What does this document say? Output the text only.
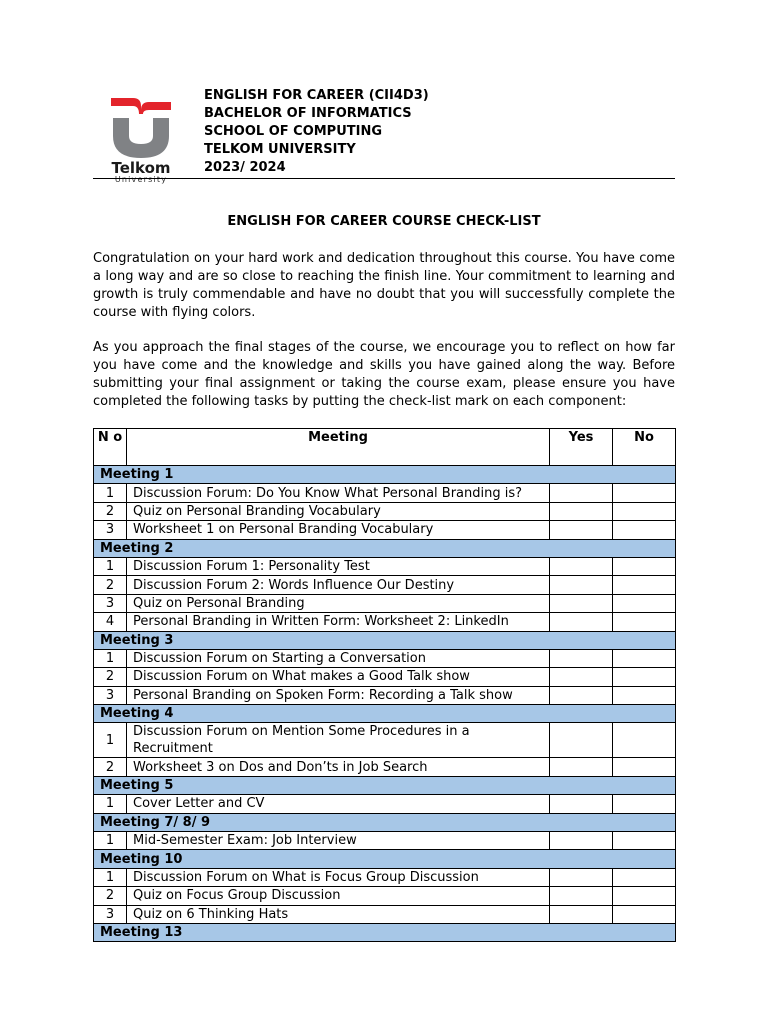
Telkom
University
ENGLISH FOR CAREER (CII4D3)
BACHELOR OF INFORMATICS
SCHOOL OF COMPUTING
TELKOM UNIVERSITY
2023/ 2024
ENGLISH FOR CAREER COURSE CHECK-LIST
Congratulation on your hard work and dedication throughout this course. You have come a long way and are so close to reaching the finish line. Your commitment to learning and growth is truly commendable and have no doubt that you will successfully complete the course with flying colors.
As you approach the final stages of the course, we encourage you to reflect on how far you have come and the knowledge and skills you have gained along the way. Before submitting your final assignment or taking the course exam, please ensure you have completed the following tasks by putting the check-list mark on each component:
N o	Meeting	Yes	No
Meeting 1			
1	Discussion Forum: Do You Know What Personal Branding is?		
2	Quiz on Personal Branding Vocabulary		
3	Worksheet 1 on Personal Branding Vocabulary		
Meeting 2			
1	Discussion Forum 1: Personality Test		
2	Discussion Forum 2: Words Influence Our Destiny		
3	Quiz on Personal Branding		
4	Personal Branding in Written Form: Worksheet 2: LinkedIn		
Meeting 3			
1	Discussion Forum on Starting a Conversation		
2	Discussion Forum on What makes a Good Talk show		
3	Personal Branding on Spoken Form: Recording a Talk show		
Meeting 4			
1	Discussion Forum on Mention Some Procedures in a Recruitment		
2	Worksheet 3 on Dos and Don’ts in Job Search		
Meeting 5			
1	Cover Letter and CV		
Meeting 7/ 8/ 9			
1	Mid-Semester Exam: Job Interview		
Meeting 10			
1	Discussion Forum on What is Focus Group Discussion		
2	Quiz on Focus Group Discussion		
3	Quiz on 6 Thinking Hats		
Meeting 13			
